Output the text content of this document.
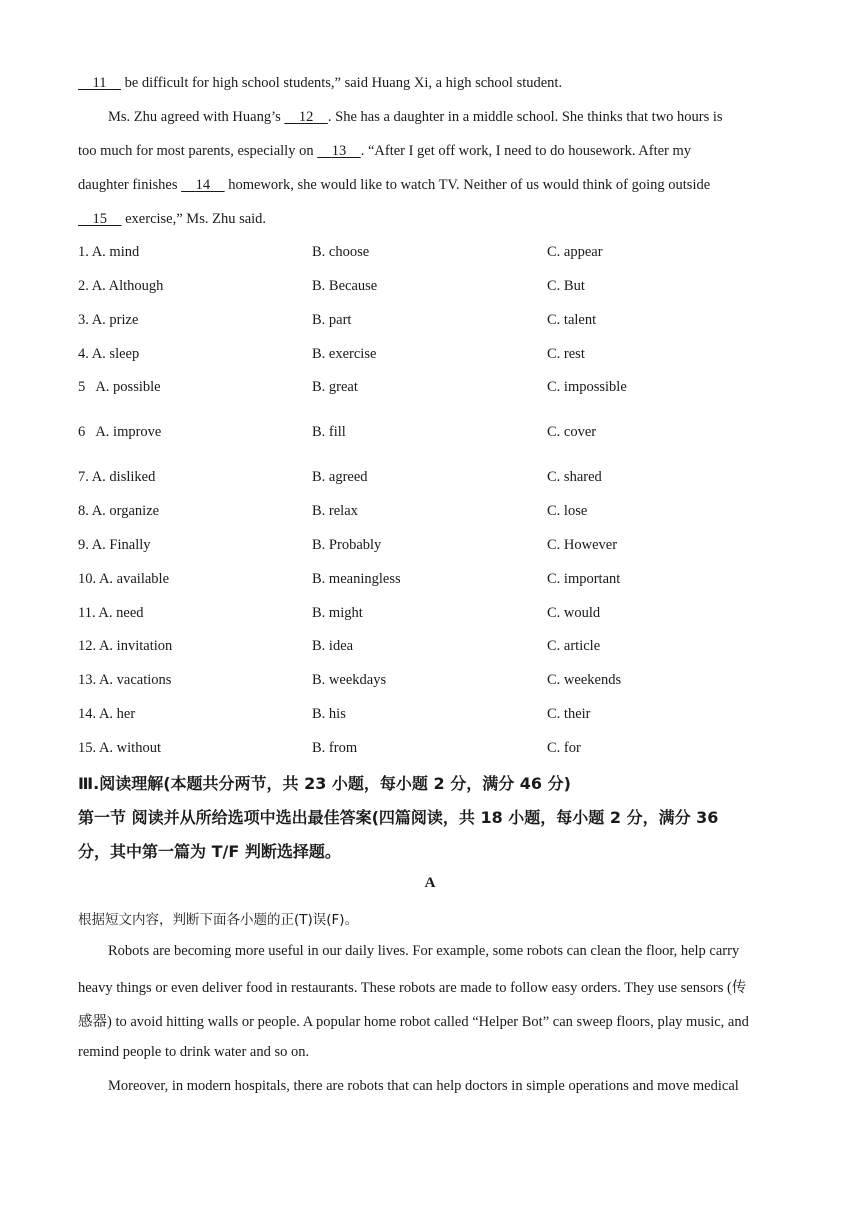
11     be difficult for high school students,” said Huang Xi, a high school student.
Ms. Zhu agreed with Huang’s     12 . She has a daughter in a middle school. She thinks that two hours is
too much for most parents, especially on     13 . “After I get off work, I need to do housework. After my
daughter finishes     14     homework, she would like to watch TV. Neither of us would think of going outside
15     exercise,” Ms. Zhu said.
1. A. mind	B. choose	C. appear
2. A. Although	B. Because	C. But
3. A. prize	B. part	C. talent
4. A. sleep	B. exercise	C. rest
5   A. possible	B. great	C. impossible
6   A. improve	B. fill	C. cover
7. A. disliked	B. agreed	C. shared
8. A. organize	B. relax	C. lose
9. A. Finally	B. Probably	C. However
10. A. available	B. meaningless	C. important
11. A. need	B. might	C. would
12. A. invitation	B. idea	C. article
13. A. vacations	B. weekdays	C. weekends
14. A. her	B. his	C. their
15. A. without	B. from	C. for
Ⅲ.阅读理解(本题共分两节，共 23 小题，每小题 2 分，满分 46 分)
第一节 阅读并从所给选项中选出最佳答案(四篇阅读，共 18 小题，每小题 2 分，满分 36
分，其中第一篇为 T/F 判断选择题。
A
根据短文内容，判断下面各小题的正(T)误(F)。
Robots are becoming more useful in our daily lives. For example, some robots can clean the floor, help carry
heavy things or even deliver food in restaurants. These robots are made to follow easy orders. They use sensors (传
感器) to avoid hitting walls or people. A popular home robot called “Helper Bot” can sweep floors, play music, and
remind people to drink water and so on.
Moreover, in modern hospitals, there are robots that can help doctors in simple operations and move medical
